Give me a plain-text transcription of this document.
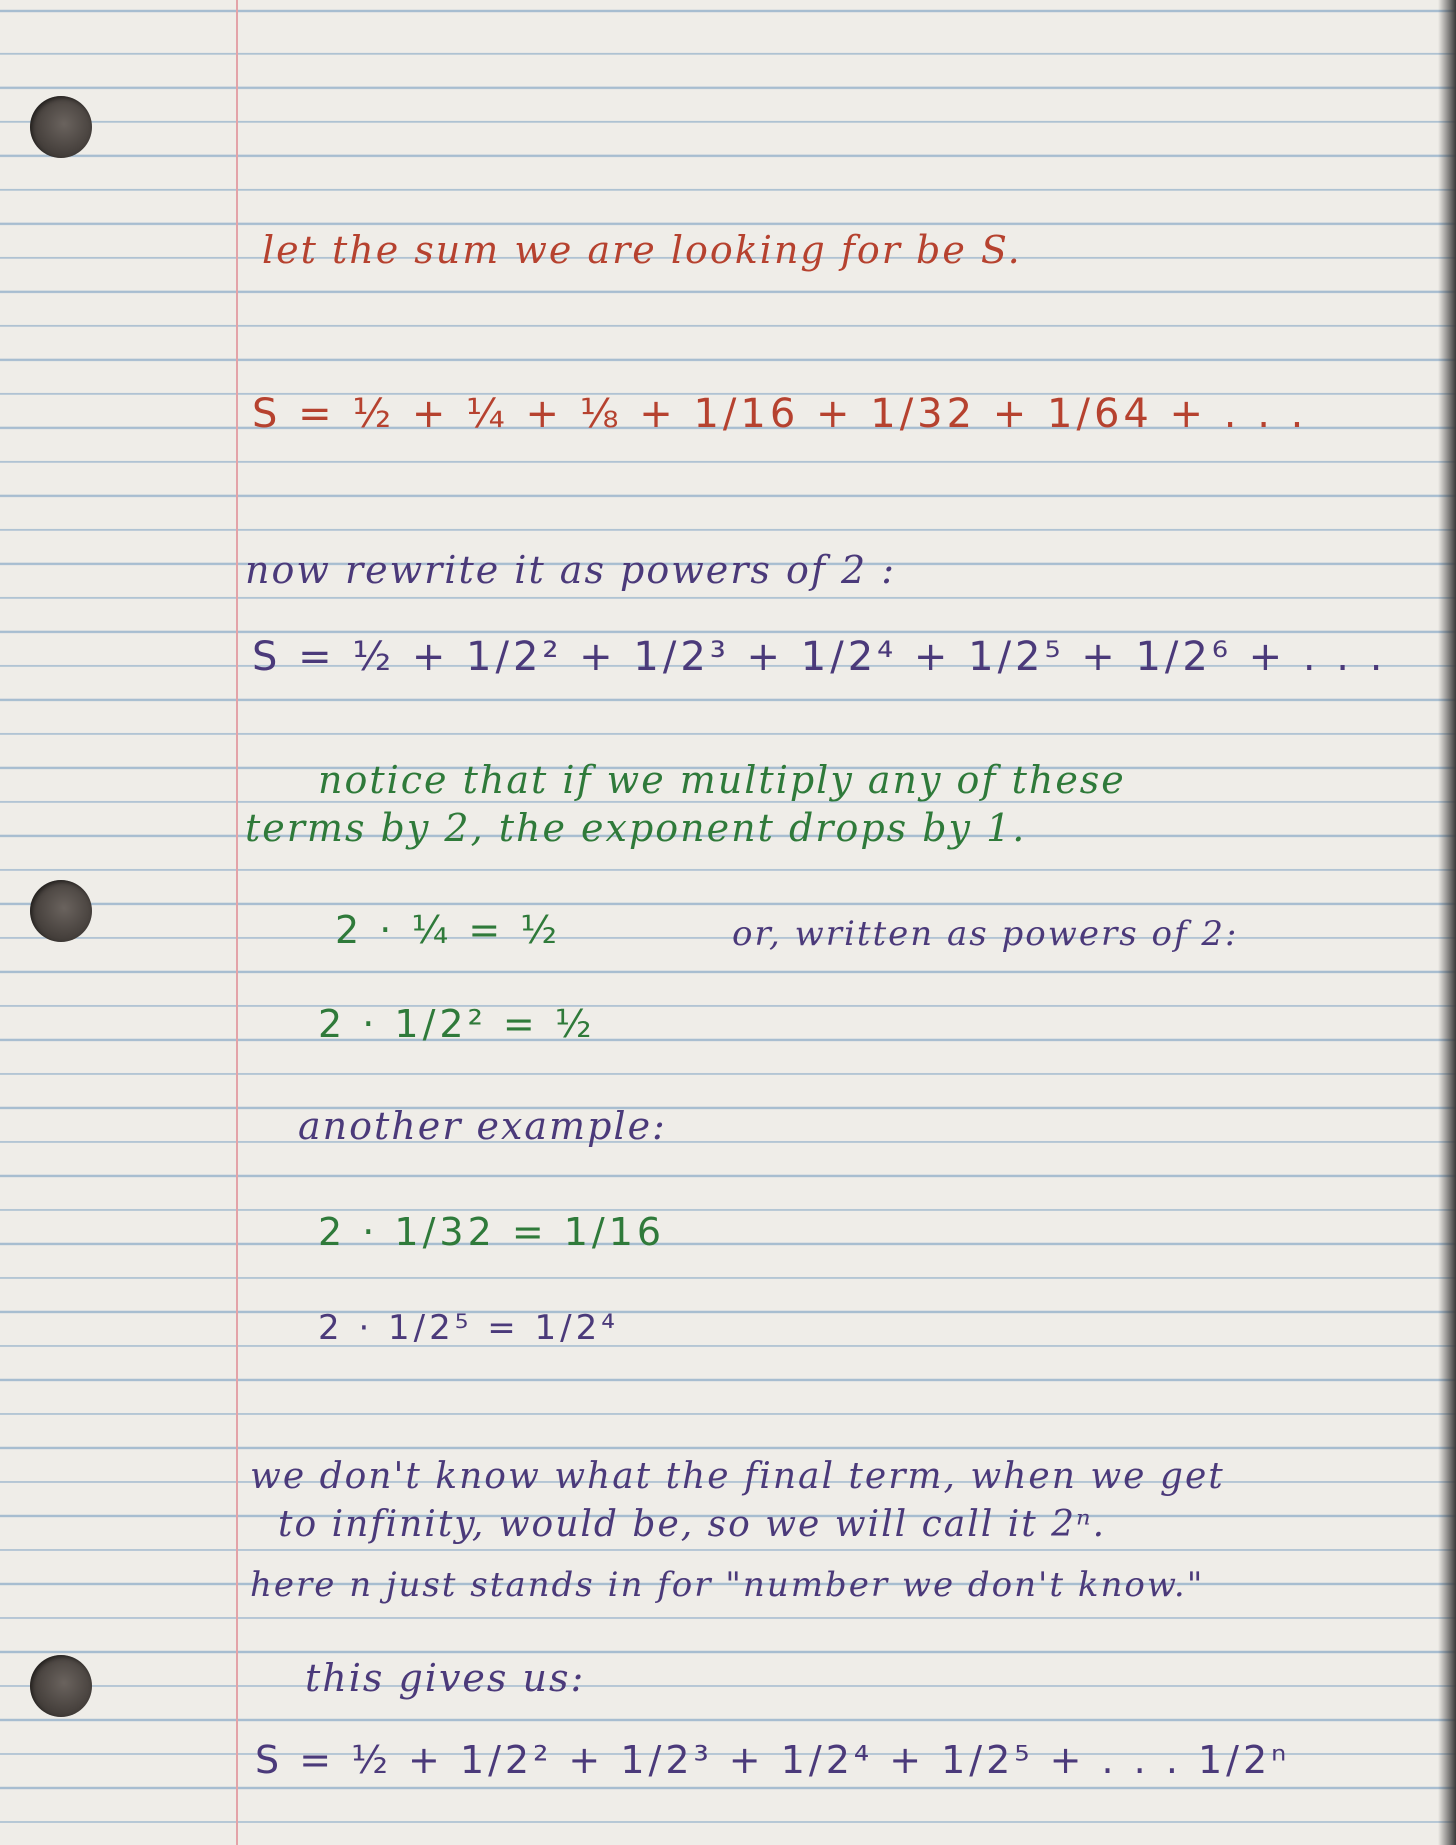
let the sum we are looking for be S.
S = ½ + ¼ + ⅛ + 1/16 + 1/32 + 1/64 + . . .
now rewrite it as powers of 2 :
S = ½ + 1/2² + 1/2³ + 1/2⁴ + 1/2⁵ + 1/2⁶ + . . .
notice that if we multiply any of these
terms by 2, the exponent drops by 1.
2 · ¼ = ½	or, written as powers of 2:
2 · 1/2² = ½
another example:
2 · 1/32 = 1/16
2 · 1/2⁵ = 1/2⁴
we don't know what the final term, when we get
to infinity, would be, so we will call it 2ⁿ.
here n just stands in for "number we don't know."
this gives us:
S = ½ + 1/2² + 1/2³ + 1/2⁴ + 1/2⁵ + . . . 1/2ⁿ
